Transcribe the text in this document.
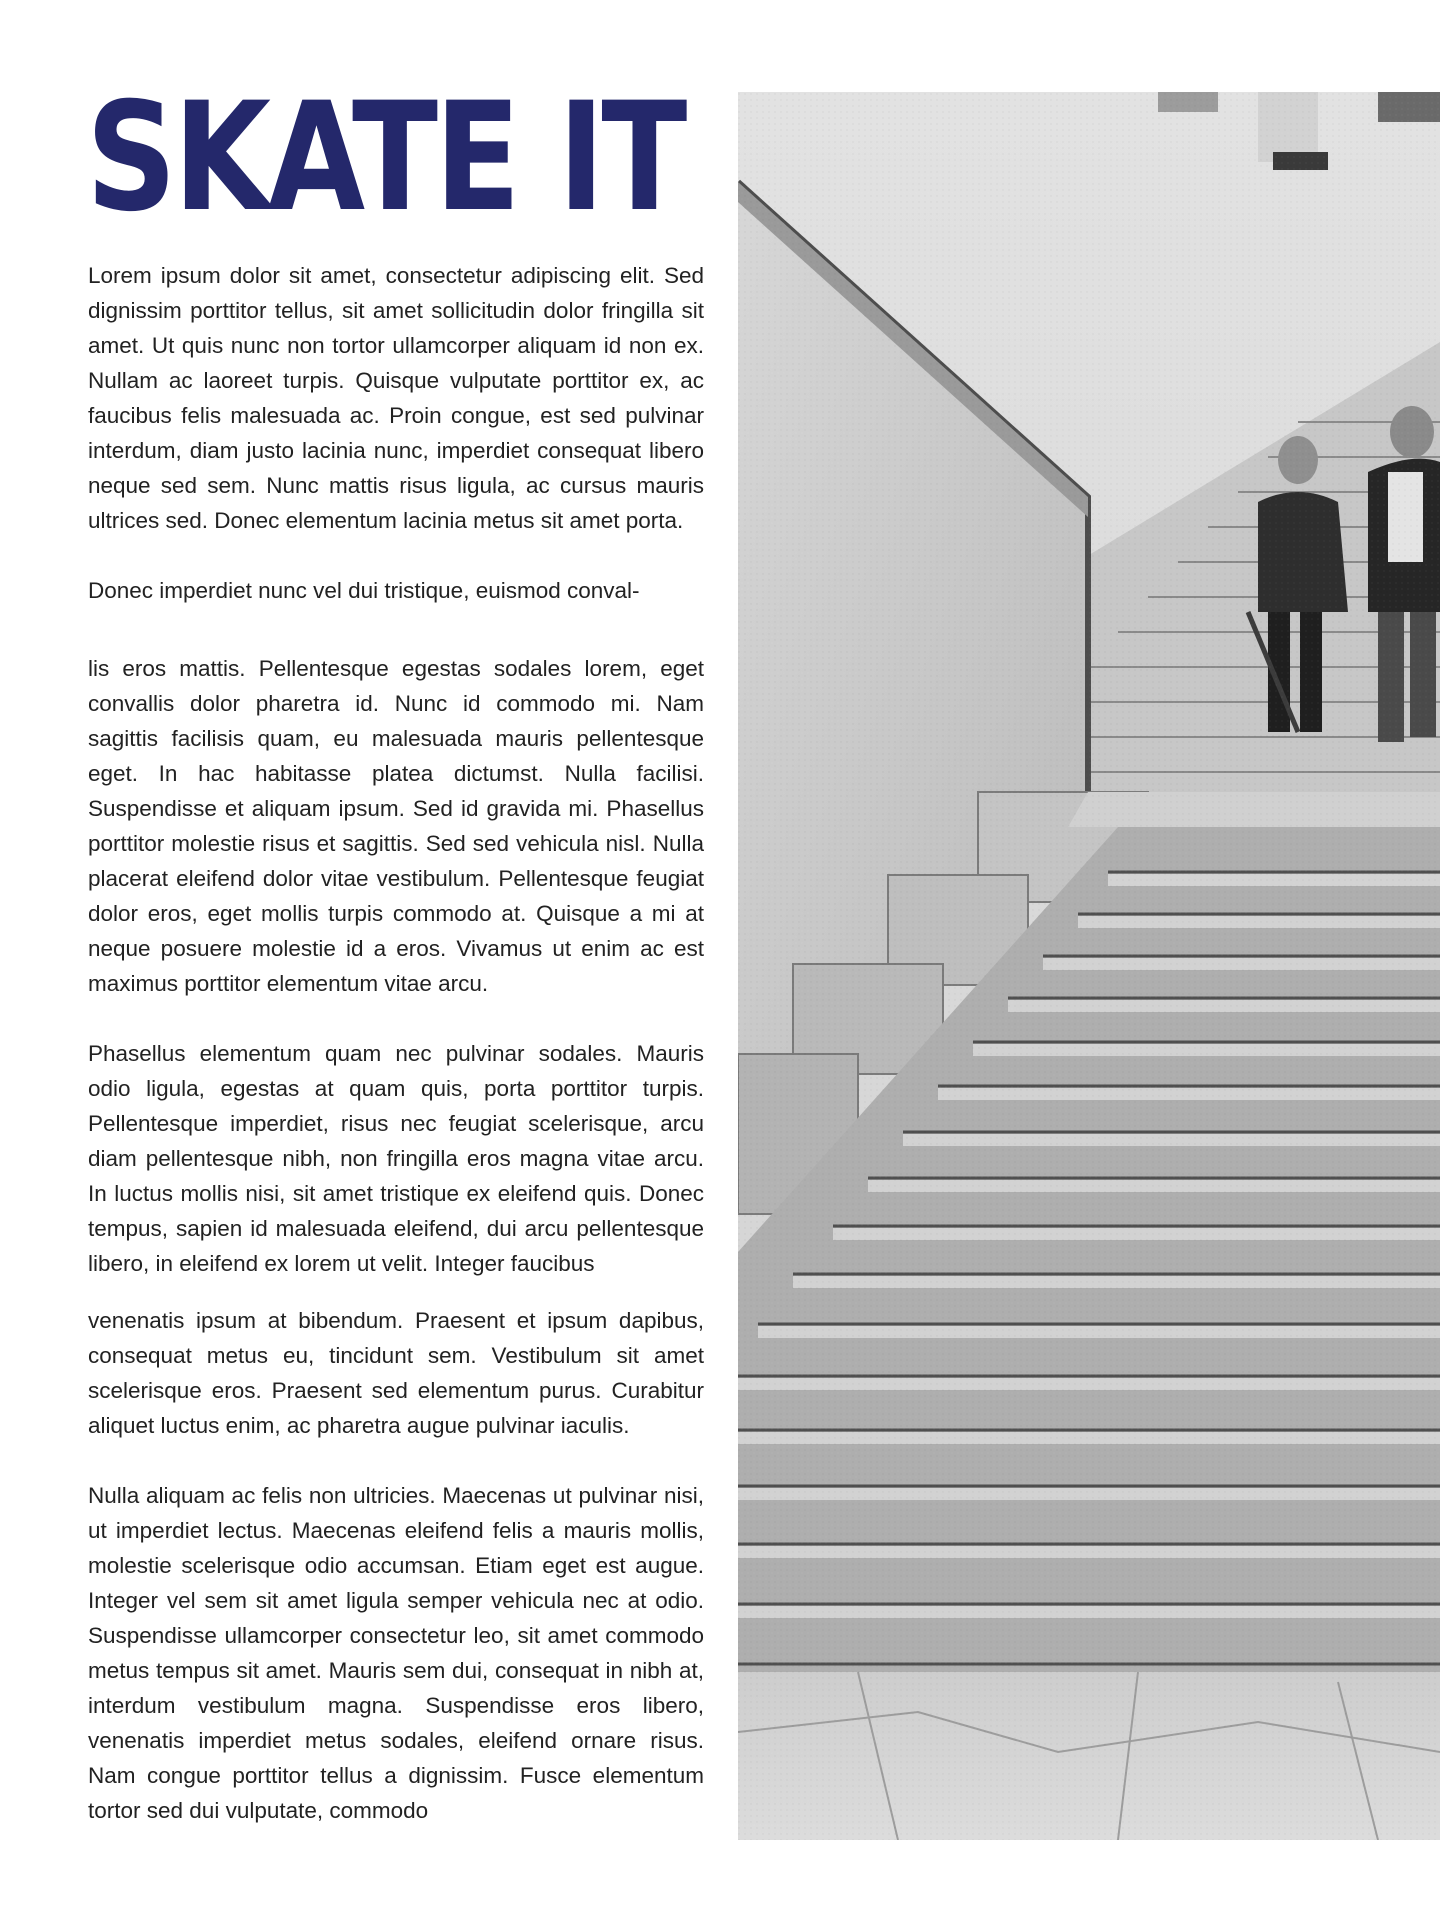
SKATE IT

Lorem ipsum dolor sit amet, consectetur adipiscing elit. Sed dignissim porttitor tellus, sit amet sollicitudin dolor fringilla sit amet. Ut quis nunc non tortor ullamcorper aliquam id non ex. Nullam ac laoreet turpis. Quisque vulputate porttitor ex, ac faucibus felis malesuada ac. Proin congue, est sed pulvinar interdum, diam justo lacinia nunc, imperdiet consequat libero neque sed sem. Nunc mattis risus ligula, ac cursus mauris ultrices sed. Donec elementum lacinia metus sit amet porta.

Donec imperdiet nunc vel dui tristique, euismod conval-

lis eros mattis. Pellentesque egestas sodales lorem, eget convallis dolor pharetra id. Nunc id commodo mi. Nam sagittis facilisis quam, eu malesuada mauris pellentesque eget. In hac habitasse platea dictumst. Nulla facilisi. Suspendisse et aliquam ipsum. Sed id gravida mi. Phasellus porttitor molestie risus et sagittis. Sed sed vehicula nisl. Nulla placerat eleifend dolor vitae vestibulum. Pellentesque feugiat dolor eros, eget mollis turpis commodo at. Quisque a mi at neque posuere molestie id a eros. Vivamus ut enim ac est maximus porttitor elementum vitae arcu.

Phasellus elementum quam nec pulvinar sodales. Mauris odio ligula, egestas at quam quis, porta porttitor turpis. Pellentesque imperdiet, risus nec feugiat scelerisque, arcu diam pellentesque nibh, non fringilla eros magna vitae arcu. In luctus mollis nisi, sit amet tristique ex eleifend quis. Donec tempus, sapien id malesuada eleifend, dui arcu pellentesque libero, in eleifend ex lorem ut velit. Integer faucibus

venenatis ipsum at bibendum. Praesent et ipsum dapibus, consequat metus eu, tincidunt sem. Vestibulum sit amet scelerisque eros. Praesent sed elementum purus. Curabitur aliquet luctus enim, ac pharetra augue pulvinar iaculis.

Nulla aliquam ac felis non ultricies. Maecenas ut pulvinar nisi, ut imperdiet lectus. Maecenas eleifend felis a mauris mollis, molestie scelerisque odio accumsan. Etiam eget est augue. Integer vel sem sit amet ligula semper vehicula nec at odio. Suspendisse ullamcorper consectetur leo, sit amet commodo metus tempus sit amet. Mauris sem dui, consequat in nibh at, interdum vestibulum magna. Suspendisse eros libero, venenatis imperdiet metus sodales, eleifend ornare risus. Nam congue porttitor tellus a dignissim. Fusce elementum tortor sed dui vulputate, commodo
